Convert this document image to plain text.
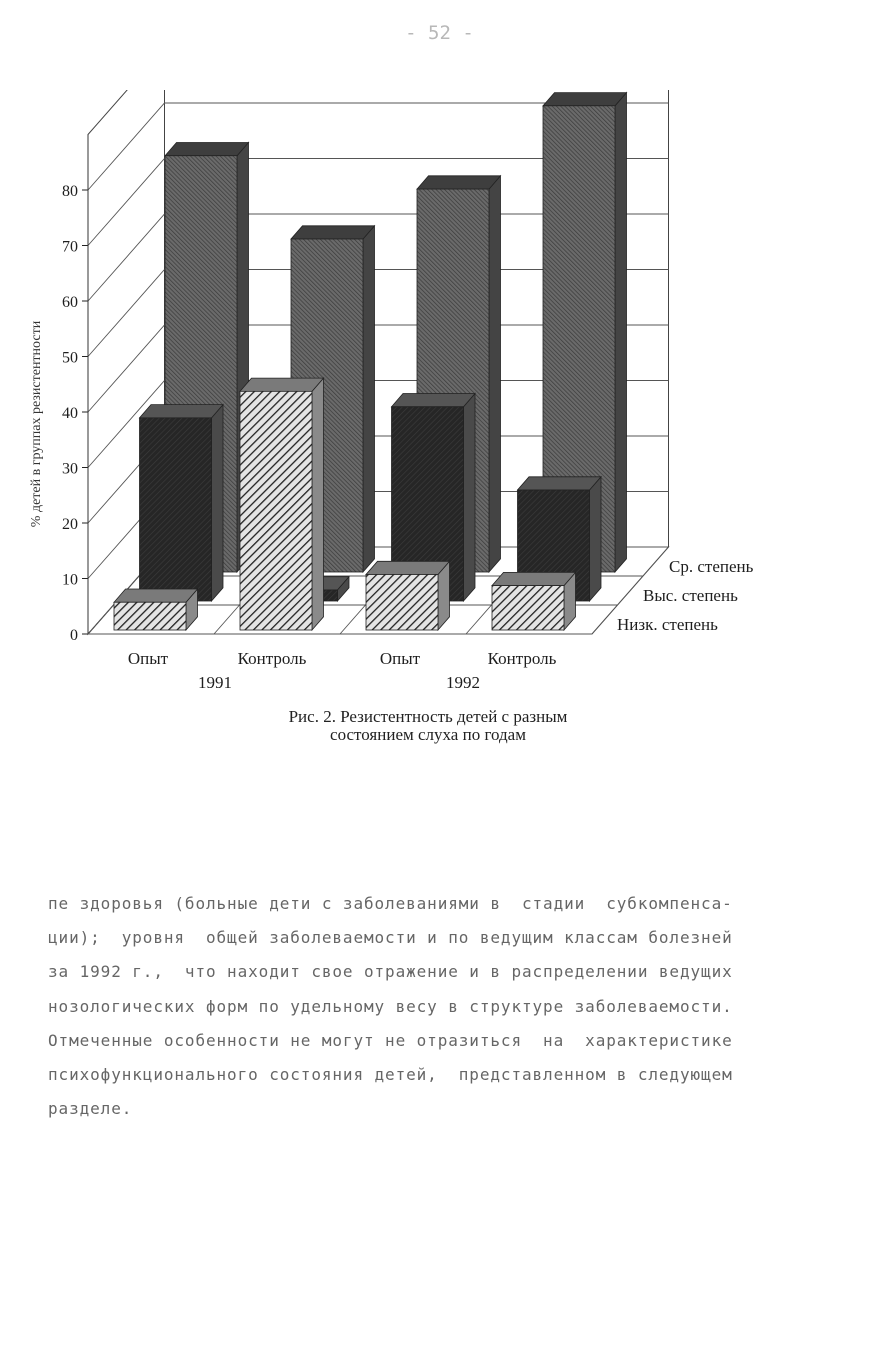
- 52 -
0
10
20
30
40
50
60
70
80
Опыт	Контроль	Опыт	Контроль
1991	1992
Низк. степень
Выс. степень
Ср. степень
% детей в группах резистентности
Рис. 2. Резистентность детей с разным
состоянием слуха по годам
пе здоровья (больные дети с заболеваниями в  стадии  субкомпенса-
ции);  уровня  общей заболеваемости и по ведущим классам болезней
за 1992 г.,  что находит свое отражение и в распределении ведущих
нозологических форм по удельному весу в структуре заболеваемости.
Отмеченные особенности не могут не отразиться  на  характеристике
психофункционального состояния детей,  представленном в следующем
разделе.
